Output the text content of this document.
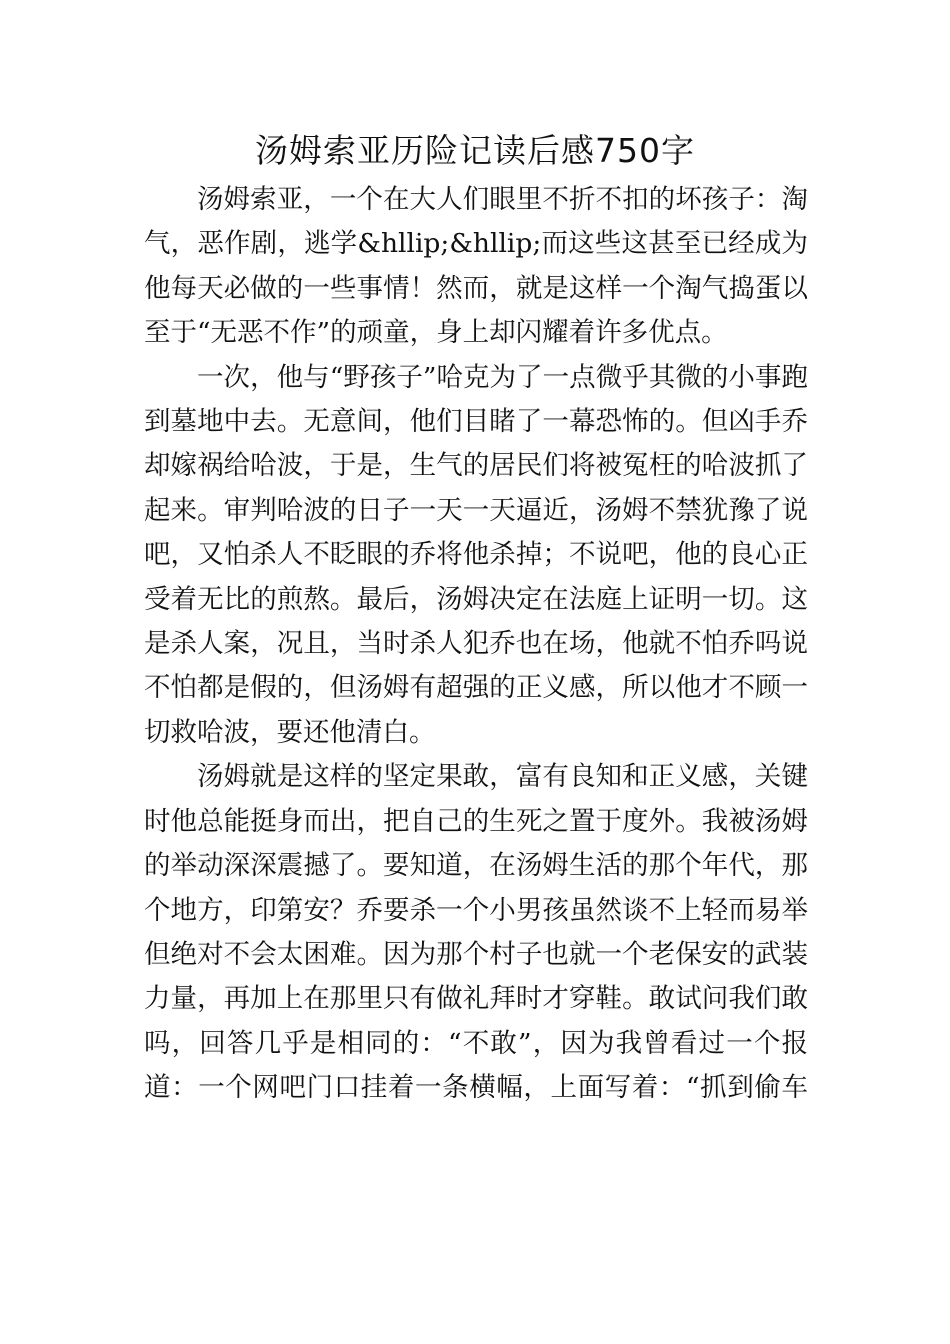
汤姆索亚历险记读后感750字

汤姆索亚，一个在大人们眼里不折不扣的坏孩子：淘气，恶作剧，逃学&hllip;&hllip;而这些这甚至已经成为他每天必做的一些事情！然而，就是这样一个淘气捣蛋以至于“无恶不作”的顽童，身上却闪耀着许多优点。

一次，他与“野孩子”哈克为了一点微乎其微的小事跑到墓地中去。无意间，他们目睹了一幕恐怖的。但凶手乔却嫁祸给哈波，于是，生气的居民们将被冤枉的哈波抓了起来。审判哈波的日子一天一天逼近，汤姆不禁犹豫了说吧，又怕杀人不眨眼的乔将他杀掉；不说吧，他的良心正受着无比的煎熬。最后，汤姆决定在法庭上证明一切。这是杀人案，况且，当时杀人犯乔也在场，他就不怕乔吗说不怕都是假的，但汤姆有超强的正义感，所以他才不顾一切救哈波，要还他清白。

汤姆就是这样的坚定果敢，富有良知和正义感，关键时他总能挺身而出，把自己的生死之置于度外。我被汤姆的举动深深震撼了。要知道，在汤姆生活的那个年代，那个地方，印第安？乔要杀一个小男孩虽然谈不上轻而易举但绝对不会太困难。因为那个村子也就一个老保安的武装力量，再加上在那里只有做礼拜时才穿鞋。敢试问我们敢吗，回答几乎是相同的：“不敢”，因为我曾看过一个报道：一个网吧门口挂着一条横幅，上面写着：“抓到偷车
